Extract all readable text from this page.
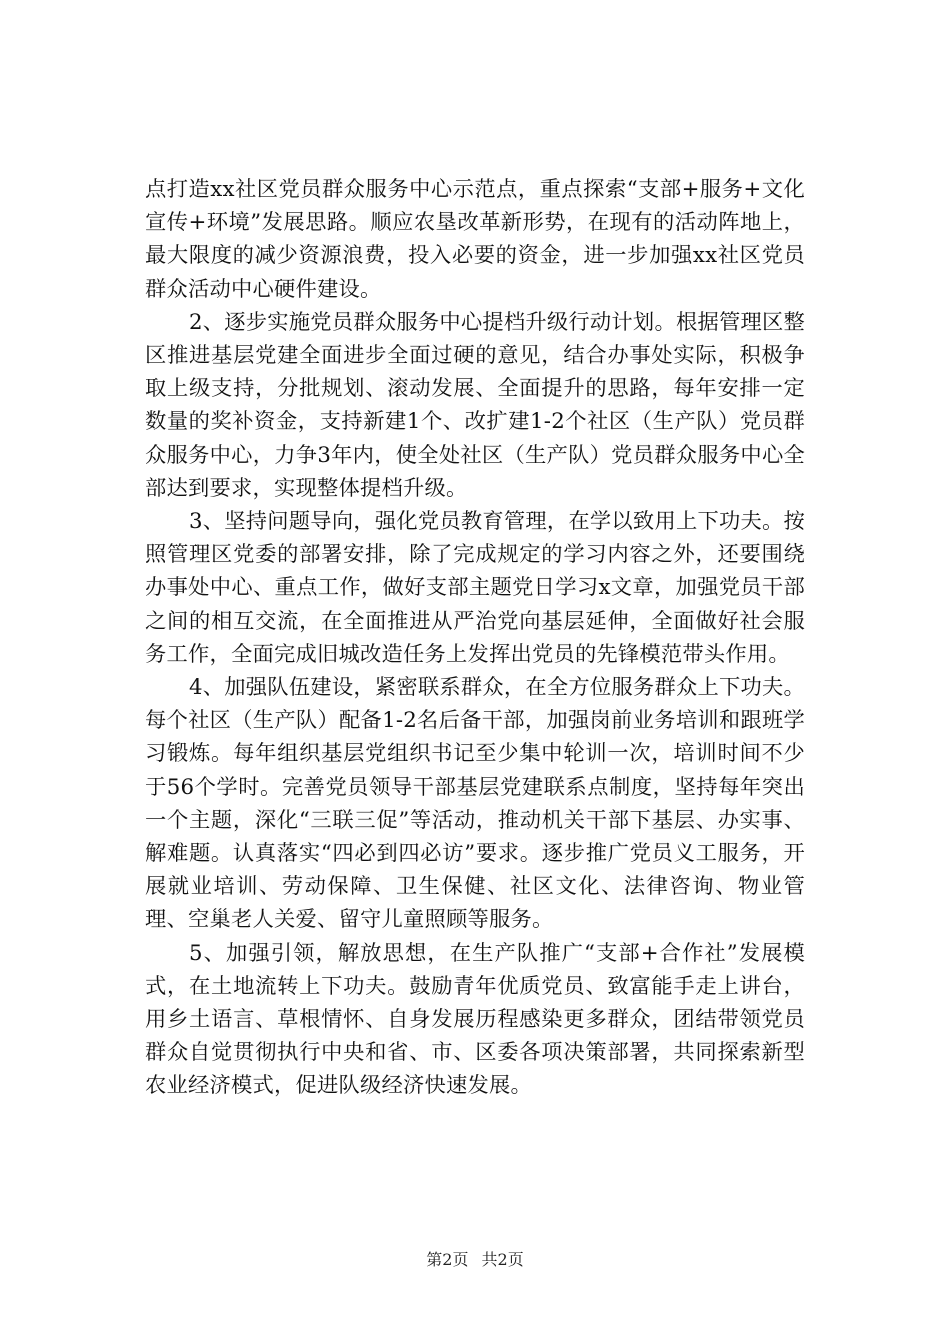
点打造xx社区党员群众服务中心示范点，重点探索“支部+服务+文化宣传+环境”发展思路。顺应农垦改革新形势，在现有的活动阵地上，最大限度的减少资源浪费，投入必要的资金，进一步加强xx社区党员群众活动中心硬件建设。

2、逐步实施党员群众服务中心提档升级行动计划。根据管理区整区推进基层党建全面进步全面过硬的意见，结合办事处实际，积极争取上级支持，分批规划、滚动发展、全面提升的思路，每年安排一定数量的奖补资金，支持新建1个、改扩建1-2个社区（生产队）党员群众服务中心，力争3年内，使全处社区（生产队）党员群众服务中心全部达到要求，实现整体提档升级。

3、坚持问题导向，强化党员教育管理，在学以致用上下功夫。按照管理区党委的部署安排，除了完成规定的学习内容之外，还要围绕办事处中心、重点工作，做好支部主题党日学习x文章，加强党员干部之间的相互交流，在全面推进从严治党向基层延伸，全面做好社会服务工作，全面完成旧城改造任务上发挥出党员的先锋模范带头作用。

4、加强队伍建设，紧密联系群众，在全方位服务群众上下功夫。每个社区（生产队）配备1-2名后备干部，加强岗前业务培训和跟班学习锻炼。每年组织基层党组织书记至少集中轮训一次，培训时间不少于56个学时。完善党员领导干部基层党建联系点制度，坚持每年突出一个主题，深化“三联三促”等活动，推动机关干部下基层、办实事、解难题。认真落实“四必到四必访”要求。逐步推广党员义工服务，开展就业培训、劳动保障、卫生保健、社区文化、法律咨询、物业管理、空巢老人关爱、留守儿童照顾等服务。

5、加强引领，解放思想，在生产队推广“支部+合作社”发展模式，在土地流转上下功夫。鼓励青年优质党员、致富能手走上讲台，用乡土语言、草根情怀、自身发展历程感染更多群众，团结带领党员群众自觉贯彻执行中央和省、市、区委各项决策部署，共同探索新型农业经济模式，促进队级经济快速发展。

第2页 共2页
